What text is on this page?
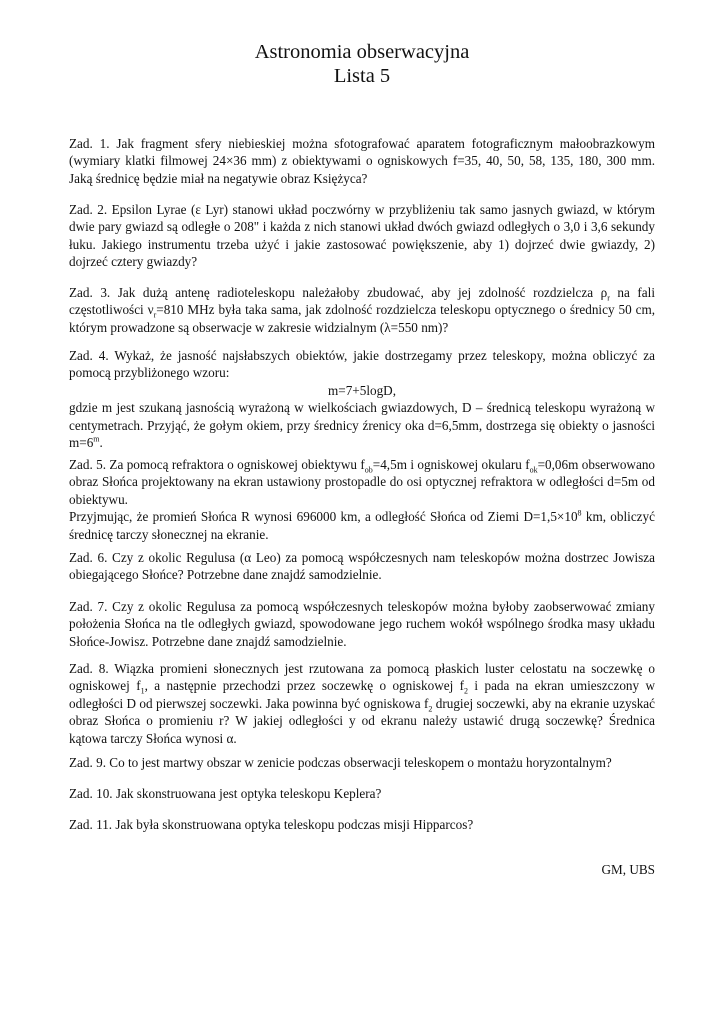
Astronomia obserwacyjna
Lista 5

Zad. 1. Jak fragment sfery niebieskiej można sfotografować aparatem fotograficznym małoobrazkowym (wymiary klatki filmowej 24×36 mm) z obiektywami o ogniskowych f=35, 40, 50, 58, 135, 180, 300 mm. Jaką średnicę będzie miał na negatywie obraz Księżyca?

Zad. 2. Epsilon Lyrae (ε Lyr) stanowi układ poczwórny w przybliżeniu tak samo jasnych gwiazd, w którym dwie pary gwiazd są odległe o 208" i każda z nich stanowi układ dwóch gwiazd odległych o 3,0 i 3,6 sekundy łuku. Jakiego instrumentu trzeba użyć i jakie zastosować powiększenie, aby 1) dojrzeć dwie gwiazdy, 2) dojrzeć cztery gwiazdy?

Zad. 3. Jak dużą antenę radioteleskopu należałoby zbudować, aby jej zdolność rozdzielcza $\rho_r$ na fali częstotliwości $\nu_r=810$ MHz była taka sama, jak zdolność rozdzielcza teleskopu optycznego o średnicy 50 cm, którym prowadzone są obserwacje w zakresie widzialnym (λ=550 nm)?

Zad. 4. Wykaż, że jasność najsłabszych obiektów, jakie dostrzegamy przez teleskopy, można obliczyć za pomocą przybliżonego wzoru:
m=7+5logD,
gdzie m jest szukaną jasnością wyrażoną w wielkościach gwiazdowych, D – średnicą teleskopu wyrażoną w centymetrach. Przyjąć, że gołym okiem, przy średnicy źrenicy oka d=6,5mm, dostrzega się obiekty o jasności $m=6^m$.

Zad. 5. Za pomocą refraktora o ogniskowej obiektywu $f_{ob}=4,5m$ i ogniskowej okularu $f_{ok}=0,06m$ obserwowano obraz Słońca projektowany na ekran ustawiony prostopadle do osi optycznej refraktora w odległości d=5m od obiektywu.
Przyjmując, że promień Słońca R wynosi 696000 km, a odległość Słońca od Ziemi $D=1,5\times 10^8$ km, obliczyć średnicę tarczy słonecznej na ekranie.

Zad. 6. Czy z okolic Regulusa (α Leo) za pomocą współczesnych nam teleskopów można dostrzec Jowisza obiegającego Słońce? Potrzebne dane znajdź samodzielnie.

Zad. 7. Czy z okolic Regulusa za pomocą współczesnych teleskopów można byłoby zaobserwować zmiany położenia Słońca na tle odległych gwiazd, spowodowane jego ruchem wokół wspólnego środka masy układu Słońce-Jowisz. Potrzebne dane znajdź samodzielnie.

Zad. 8. Wiązka promieni słonecznych jest rzutowana za pomocą płaskich luster celostatu na soczewkę o ogniskowej $f_1$, a następnie przechodzi przez soczewkę o ogniskowej $f_2$ i pada na ekran umieszczony w odległości D od pierwszej soczewki. Jaka powinna być ogniskowa $f_2$ drugiej soczewki, aby na ekranie uzyskać obraz Słońca o promieniu r? W jakiej odległości y od ekranu należy ustawić drugą soczewkę? Średnica kątowa tarczy Słońca wynosi α.

Zad. 9. Co to jest martwy obszar w zenicie podczas obserwacji teleskopem o montażu horyzontalnym?

Zad. 10. Jak skonstruowana jest optyka teleskopu Keplera?

Zad. 11. Jak była skonstruowana optyka teleskopu podczas misji Hipparcos?

GM, UBS
